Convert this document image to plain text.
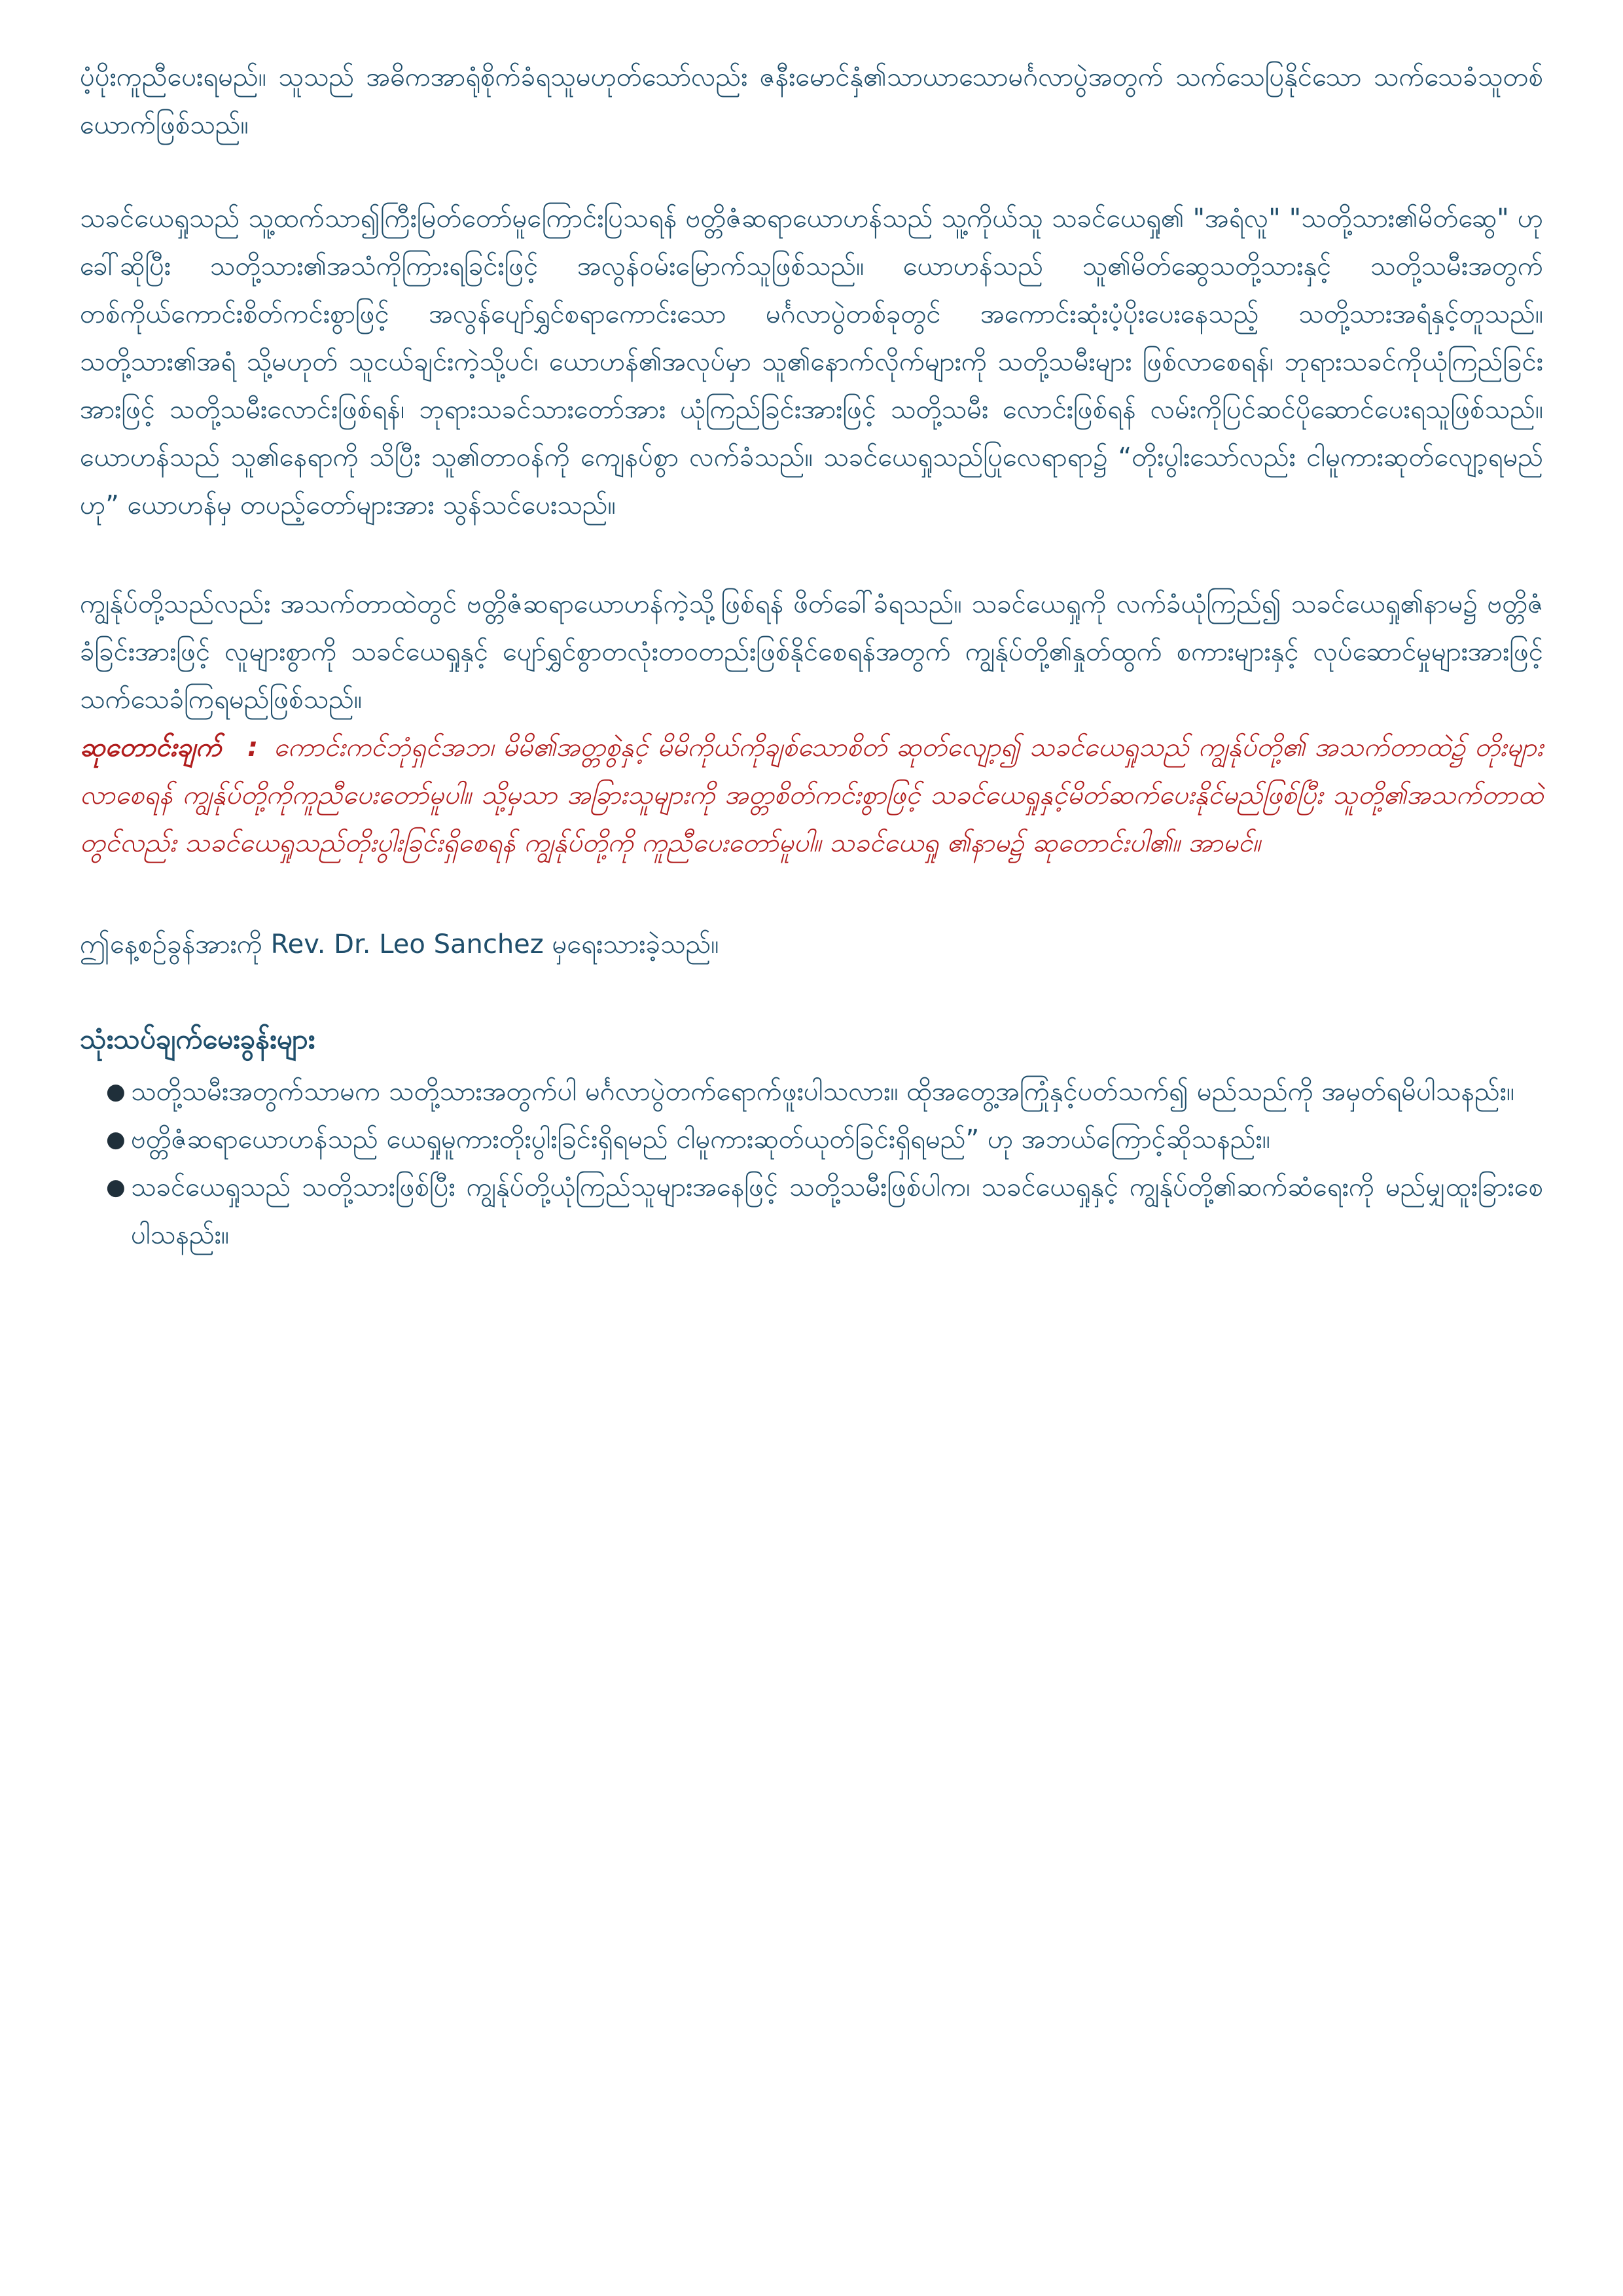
ပံ့ပိုးကူညီပေးရမည်။ သူသည် အဓိကအာရုံစိုက်ခံရသူမဟုတ်သော်လည်း ဇနီးမောင်နှံ၏သာယာသောမင်္ဂလာပွဲအတွက် သက်သေပြနိုင်သော သက်သေခံသူတစ်ယောက်ဖြစ်သည်။

သခင်ယေရှုသည် သူ့ထက်သာ၍ကြီးမြတ်တော်မူကြောင်းပြသရန် ဗတ္တိဇံဆရာယောဟန်သည် သူ့ကိုယ်သူ သခင်ယေရှု၏ "အရံလူ" "သတို့သား၏မိတ်ဆွေ" ဟုခေါ်ဆိုပြီး သတို့သား၏အသံကိုကြားရခြင်းဖြင့် အလွန်ဝမ်းမြောက်သူဖြစ်သည်။ ယောဟန်သည် သူ၏မိတ်ဆွေသတို့သားနှင့် သတို့သမီးအတွက် တစ်ကိုယ်ကောင်းစိတ်ကင်းစွာဖြင့် အလွန်ပျော်ရွှင်စရာကောင်းသော မင်္ဂလာပွဲတစ်ခုတွင် အကောင်းဆုံးပံ့ပိုးပေးနေသည့် သတို့သားအရံနှင့်တူသည်။ သတို့သား၏အရံ သို့မဟုတ် သူငယ်ချင်းကဲ့သို့ပင်၊ ယောဟန်၏အလုပ်မှာ သူ၏နောက်လိုက်များကို သတို့သမီးများ ဖြစ်လာစေရန်၊ ဘုရားသခင်ကိုယုံကြည်ခြင်းအားဖြင့် သတို့သမီးလောင်းဖြစ်ရန်၊ ဘုရားသခင်သားတော်အား ယုံကြည်ခြင်းအားဖြင့် သတို့သမီး လောင်းဖြစ်ရန် လမ်းကိုပြင်ဆင်ပိုဆောင်ပေးရသူဖြစ်သည်။ ယောဟန်သည် သူ၏နေရာကို သိပြီး သူ၏တာဝန်ကို ကျေနပ်စွာ လက်ခံသည်။ သခင်ယေရှုသည်ပြုလေရာရာ၌ “တိုးပွါးသော်လည်း ငါမူကားဆုတ်လျော့ရမည်ဟု” ယောဟန်မှ တပည့်တော်များအား သွန်သင်ပေးသည်။

ကျွန်ုပ်တို့သည်လည်း အသက်တာထဲတွင် ဗတ္တိဇံဆရာယောဟန်ကဲ့သို့ဖြစ်ရန် ဖိတ်ခေါ်ခံရသည်။ သခင်ယေရှုကို လက်ခံယုံကြည်၍ သခင်ယေရှု၏နာမ၌ ဗတ္တိဇံခံခြင်းအားဖြင့် လူများစွာကို သခင်ယေရှုနှင့် ပျော်ရွှင်စွာတလုံးတဝတည်းဖြစ်နိုင်စေရန်အတွက် ကျွန်ုပ်တို့၏နှုတ်ထွက် စကားများနှင့် လုပ်ဆောင်မှုများအားဖြင့် သက်သေခံကြရမည်ဖြစ်သည်။

ဆုတောင်းချက် : ကောင်းကင်ဘုံရှင်အဘ၊ မိမိ၏အတ္တစွဲနှင့် မိမိကိုယ်ကိုချစ်သောစိတ် ဆုတ်လျော့၍ သခင်ယေရှုသည် ကျွန်ုပ်တို့၏ အသက်တာထဲ၌ တိုးများလာစေရန် ကျွန်ုပ်တို့ကိုကူညီပေးတော်မူပါ။ သို့မှသာ အခြားသူများကို အတ္တစိတ်ကင်းစွာဖြင့် သခင်ယေရှုနှင့်မိတ်ဆက်ပေးနိုင်မည်ဖြစ်ပြီး သူတို့၏အသက်တာထဲတွင်လည်း သခင်ယေရှုသည်တိုးပွါးခြင်းရှိစေရန် ကျွန်ုပ်တို့ကို ကူညီပေးတော်မူပါ။ သခင်ယေရှု ၏နာမ၌ ဆုတောင်းပါ၏။ အာမင်။

ဤနေ့စဉ်ခွန်အားကို Rev. Dr. Leo Sanchez မှရေးသားခဲ့သည်။

သုံးသပ်ချက်မေးခွန်းများ

● သတို့သမီးအတွက်သာမက သတို့သားအတွက်ပါ မင်္ဂလာပွဲတက်ရောက်ဖူးပါသလား။ ထိုအတွေ့အကြုံနှင့်ပတ်သက်၍ မည်သည်ကို အမှတ်ရမိပါသနည်း။
● ဗတ္တိဇံဆရာယောဟန်သည် ယေရှုမူကားတိုးပွါးခြင်းရှိရမည် ငါမူကားဆုတ်ယုတ်ခြင်းရှိရမည်” ဟု အဘယ်ကြောင့်ဆိုသနည်း။
● သခင်ယေရှုသည် သတို့သားဖြစ်ပြီး ကျွန်ုပ်တို့ယုံကြည်သူများအနေဖြင့် သတို့သမီးဖြစ်ပါက၊ သခင်ယေရှုနှင့် ကျွန်ုပ်တို့၏ဆက်ဆံရေးကို မည်မျှထူးခြားစေပါသနည်း။
